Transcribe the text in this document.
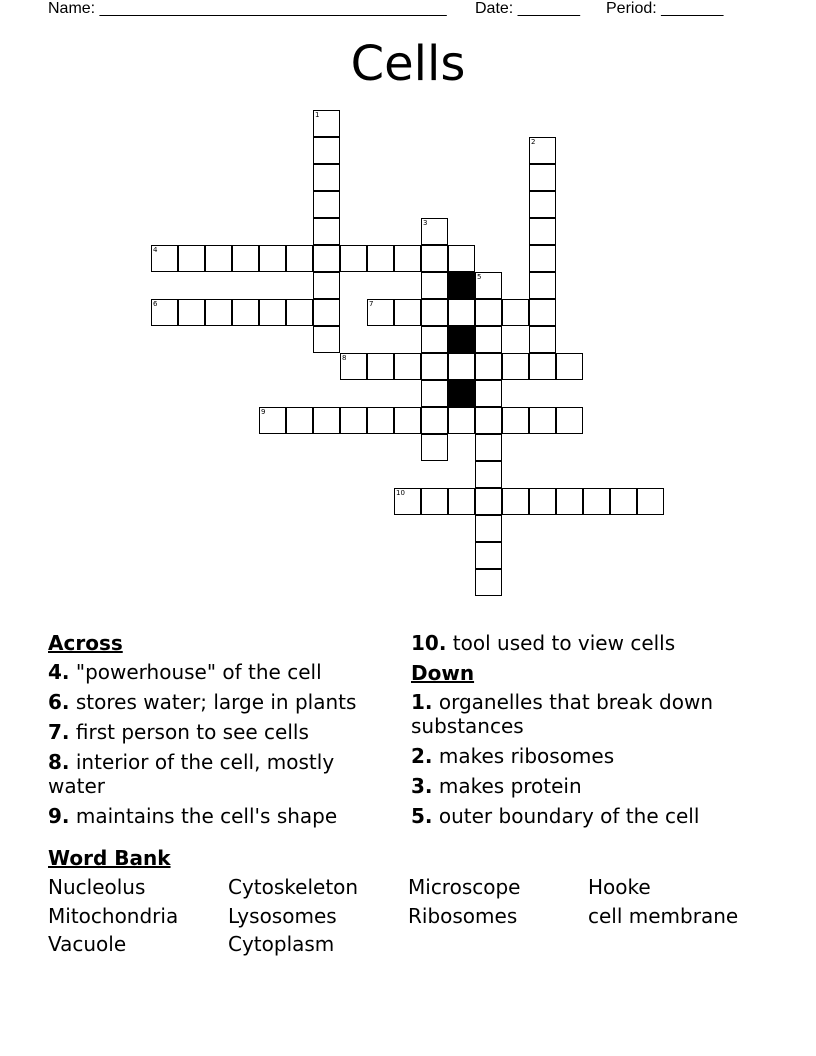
Name: _______________________________________ Date: _______ Period: _______
Cells
1
2
3
4
5
6	7
8
9
10
Across
4. "powerhouse" of the cell
6. stores water; large in plants
7. first person to see cells
8. interior of the cell, mostly water
9. maintains the cell's shape
10. tool used to view cells
Down
1. organelles that break down substances
2. makes ribosomes
3. makes protein
5. outer boundary of the cell
Word Bank
Nucleolus	Cytoskeleton	Microscope	Hooke
Mitochondria	Lysosomes	Ribosomes	cell membrane
Vacuole	Cytoplasm
